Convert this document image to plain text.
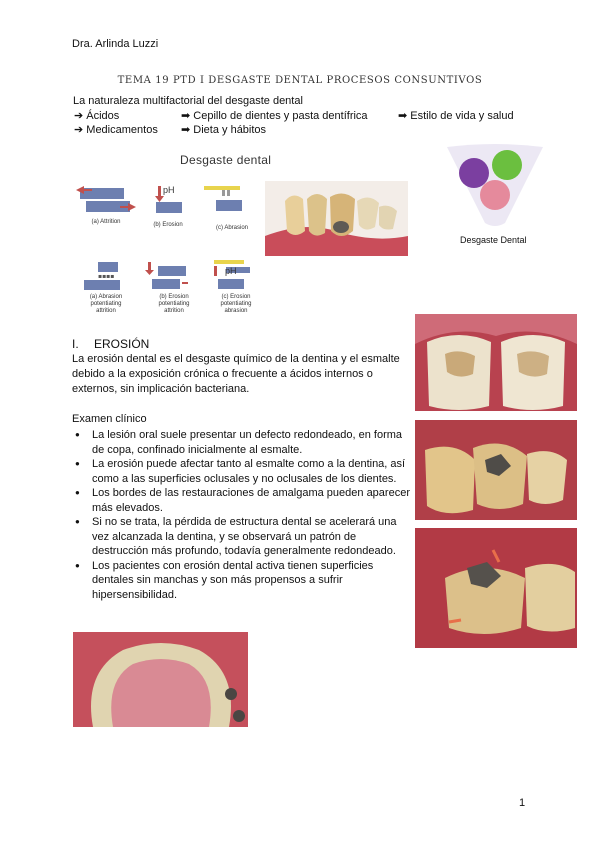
Dra. Arlinda Luzzi
TEMA 19 PTD I DESGASTE DENTAL PROCESOS CONSUNTIVOS
La naturaleza multifactorial del desgaste dental
➔ Ácidos	➡ Cepillo de dientes y pasta dentífrica	➡ Estilo de vida y salud
➔ Medicamentos ➡ Dieta y hábitos
Desgaste dental
(a) Attrition	(b) Erosion	(c) Abrasion
pH
▪▪▪▪
pH
(a) Abrasion potentiating attrition
(b) Erosion potentiating attrition
(c) Erosion potentiating abrasion
Desgaste Dental
I. EROSIÓN
La erosión dental es el desgaste químico de la dentina y el esmalte debido a la exposición crónica o frecuente a ácidos internos o externos, sin implicación bacteriana.
Examen clínico
● La lesión oral suele presentar un defecto redondeado, en forma de copa, confinado inicialmente al esmalte.
● La erosión puede afectar tanto al esmalte como a la dentina, así como a las superficies oclusales y no oclusales de los dientes.
● Los bordes de las restauraciones de amalgama pueden aparecer más elevados.
● Si no se trata, la pérdida de estructura dental se acelerará una vez alcanzada la dentina, y se observará un patrón de destrucción más profundo, todavía generalmente redondeado.
● Los pacientes con erosión dental activa tienen superficies dentales sin manchas y son más propensos a sufrir hipersensibilidad.
1
